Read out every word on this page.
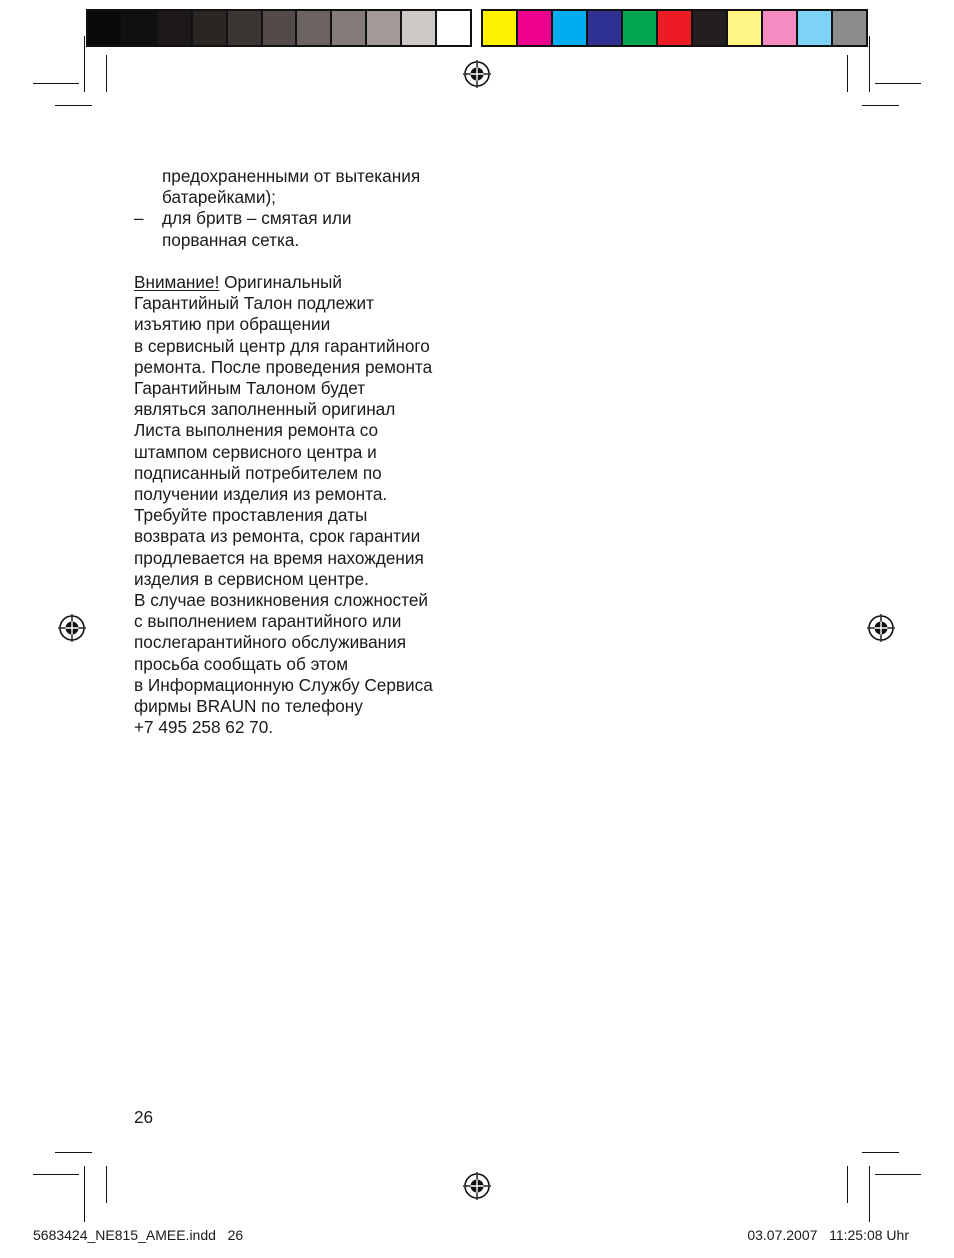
предохраненными от вытекания

батарейками);

– для бритв – смятая или

порванная сетка.

Внимание! Оригинальный

Гарантийный Талон подлежит

изъятию при обращении

в сервисный центр для гарантийного

ремонта. После проведения ремонта

Гарантийным Талоном будет

являться заполненный оригинал

Листа выполнения ремонта со

штампом сервисного центра и

подписанный потребителем по

получении изделия из ремонта.

Требуйте проставления даты

возврата из ремонта, срок гарантии

продлевается на время нахождения

изделия в сервисном центре.

В случае возникновения сложностей

с выполнением гарантийного или

послегарантийного обслуживания

просьба сообщать об этом

в Информационную Службу Сервиса

фирмы BRAUN по телефону

+7 495 258 62 70.

26
5683424_NE815_AMEE.indd   26	03.07.2007   11:25:08 Uhr
